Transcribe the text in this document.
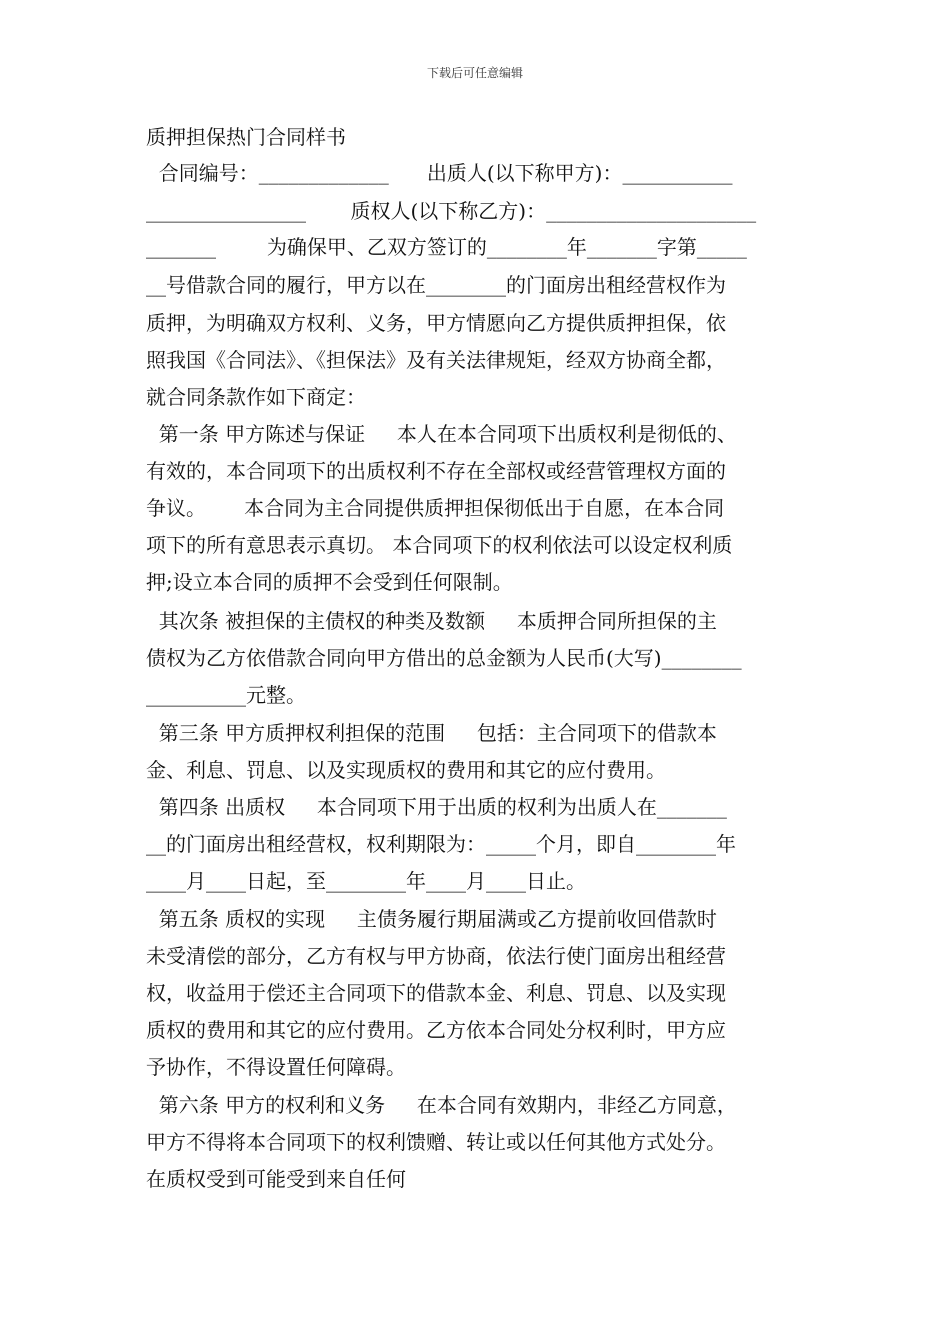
下载后可任意编辑
质押担保热门合同样书
合同编号：_____________      出质人(以下称甲方)：___________
________________       质权人(以下称乙方)：_____________________
_______        为确保甲、乙双方签订的________年_______字第_____
__号借款合同的履行，甲方以在________的门面房出租经营权作为
质押，为明确双方权利、义务，甲方情愿向乙方提供质押担保，依
照我国《合同法》、《担保法》及有关法律规矩，经双方协商全都，
就合同条款作如下商定：
第一条 甲方陈述与保证     本人在本合同项下出质权利是彻低的、
有效的，本合同项下的出质权利不存在全部权或经营管理权方面的
争议。      本合同为主合同提供质押担保彻低出于自愿，在本合同
项下的所有意思表示真切。 本合同项下的权利依法可以设定权利质
押;设立本合同的质押不会受到任何限制。
其次条 被担保的主债权的种类及数额     本质押合同所担保的主
债权为乙方依借款合同向甲方借出的总金额为人民币(大写)________
__________元整。
第三条 甲方质押权利担保的范围     包括：主合同项下的借款本
金、利息、罚息、以及实现质权的费用和其它的应付费用。
第四条 出质权     本合同项下用于出质的权利为出质人在_______
__的门面房出租经营权，权利期限为：_____个月，即自________年
____月____日起，至________年____月____日止。
第五条 质权的实现     主债务履行期届满或乙方提前收回借款时
未受清偿的部分，乙方有权与甲方协商，依法行使门面房出租经营
权，收益用于偿还主合同项下的借款本金、利息、罚息、以及实现
质权的费用和其它的应付费用。乙方依本合同处分权利时，甲方应
予协作，不得设置任何障碍。
第六条 甲方的权利和义务     在本合同有效期内，非经乙方同意，
甲方不得将本合同项下的权利馈赠、转让或以任何其他方式处分。
在质权受到可能受到来自任何
